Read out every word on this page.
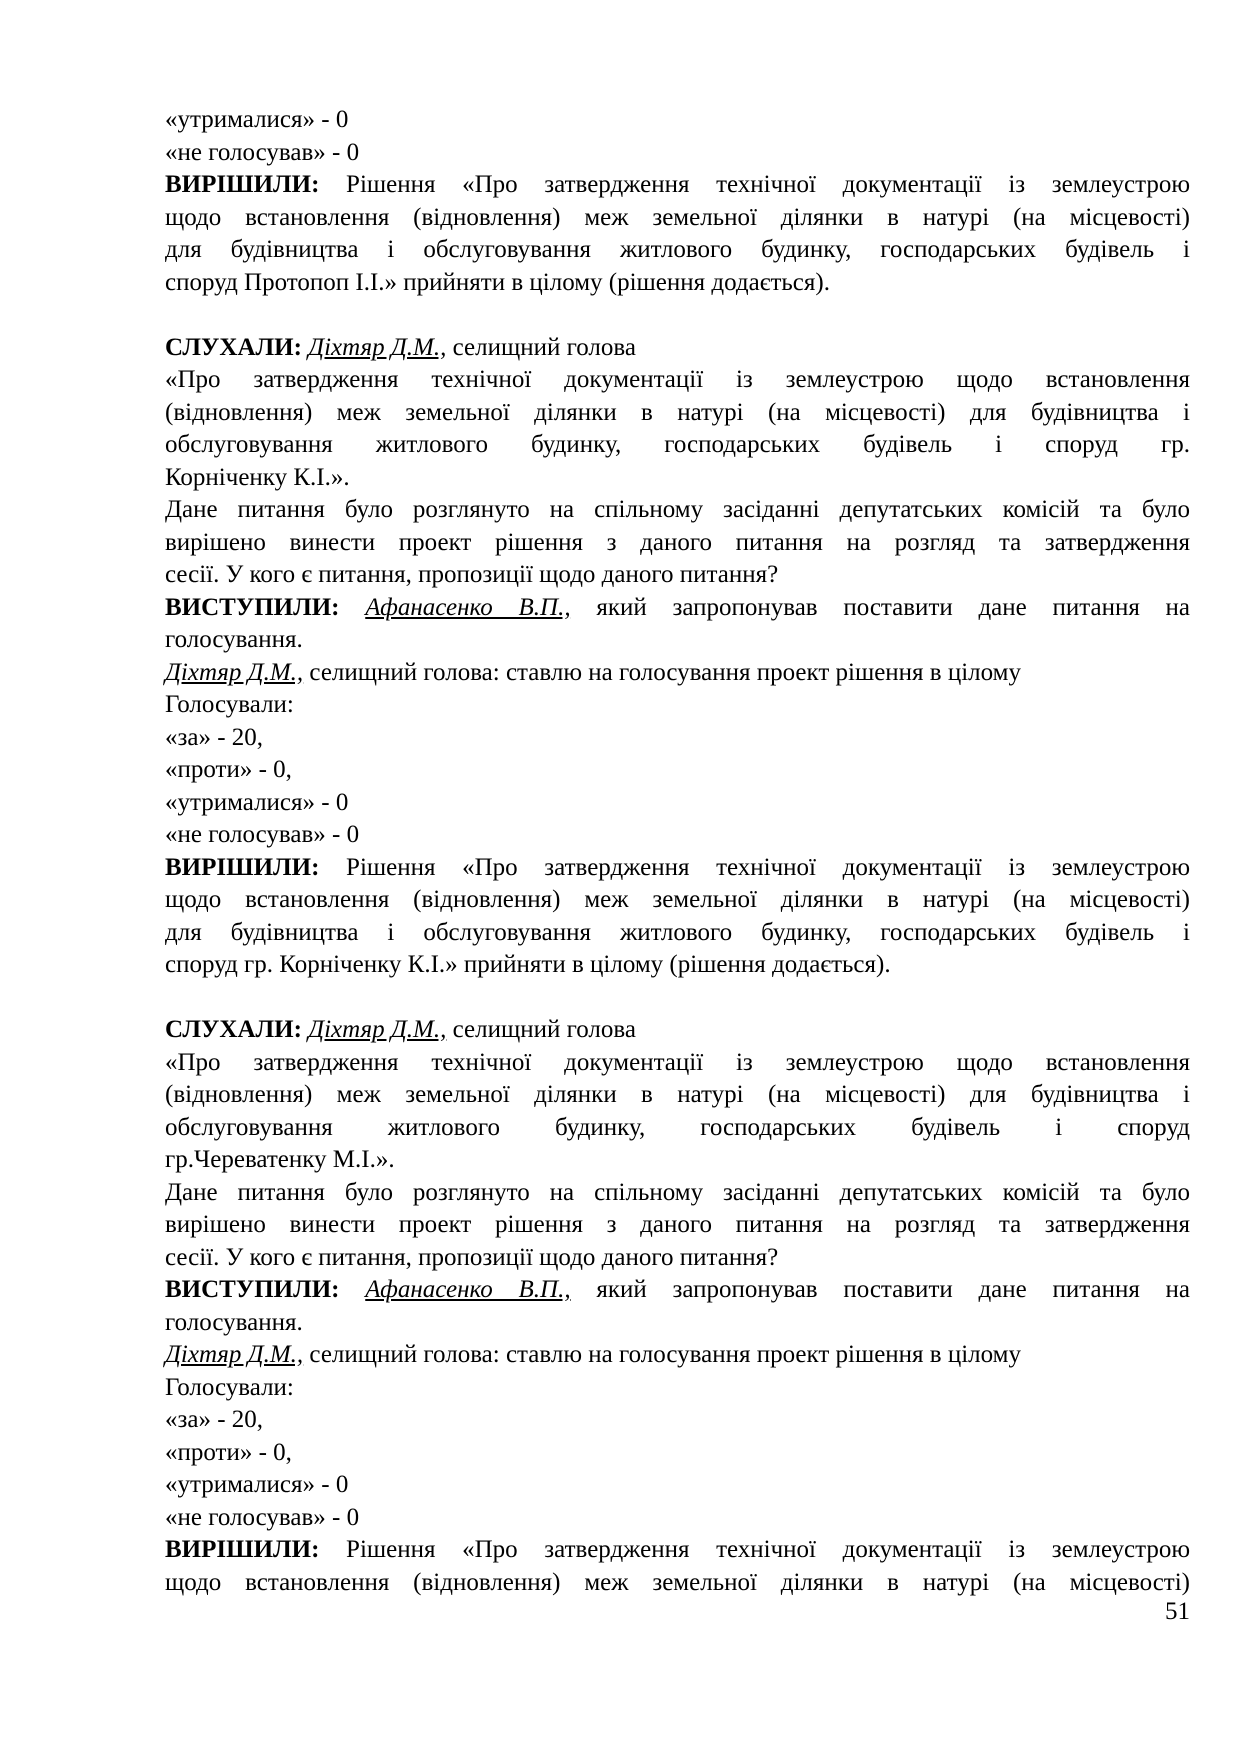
«утрималися» - 0
«не голосував» - 0
ВИРІШИЛИ: Рішення «Про затвердження технічної документації із землеустрою
щодо встановлення (відновлення) меж земельної ділянки в натурі (на місцевості)
для будівництва і обслуговування житлового будинку, господарських будівель і
споруд Протопоп І.І.» прийняти в цілому (рішення додається).
СЛУХАЛИ: Діхтяр Д.М., селищний голова
«Про затвердження технічної документації із землеустрою щодо встановлення
(відновлення) меж земельної ділянки в натурі (на місцевості) для будівництва і
обслуговування житлового будинку, господарських будівель і споруд гр.
Корніченку К.І.».
Дане питання було розглянуто на спільному засіданні депутатських комісій та було
вирішено винести проект рішення з даного питання на розгляд та затвердження
сесії. У кого є питання, пропозиції щодо даного питання?
ВИСТУПИЛИ: Афанасенко В.П., який запропонував поставити дане питання на
голосування.
Діхтяр Д.М., селищний голова: ставлю на голосування проект рішення в цілому
Голосували:
«за» - 20,
«проти» - 0,
«утрималися» - 0
«не голосував» - 0
ВИРІШИЛИ: Рішення «Про затвердження технічної документації із землеустрою
щодо встановлення (відновлення) меж земельної ділянки в натурі (на місцевості)
для будівництва і обслуговування житлового будинку, господарських будівель і
споруд гр. Корніченку К.І.» прийняти в цілому (рішення додається).
СЛУХАЛИ: Діхтяр Д.М., селищний голова
«Про затвердження технічної документації із землеустрою щодо встановлення
(відновлення) меж земельної ділянки в натурі (на місцевості) для будівництва і
обслуговування житлового будинку, господарських будівель і споруд
гр.Череватенку М.І.».
Дане питання було розглянуто на спільному засіданні депутатських комісій та було
вирішено винести проект рішення з даного питання на розгляд та затвердження
сесії. У кого є питання, пропозиції щодо даного питання?
ВИСТУПИЛИ: Афанасенко В.П., який запропонував поставити дане питання на
голосування.
Діхтяр Д.М., селищний голова: ставлю на голосування проект рішення в цілому
Голосували:
«за» - 20,
«проти» - 0,
«утрималися» - 0
«не голосував» - 0
ВИРІШИЛИ: Рішення «Про затвердження технічної документації із землеустрою
щодо встановлення (відновлення) меж земельної ділянки в натурі (на місцевості)
51
